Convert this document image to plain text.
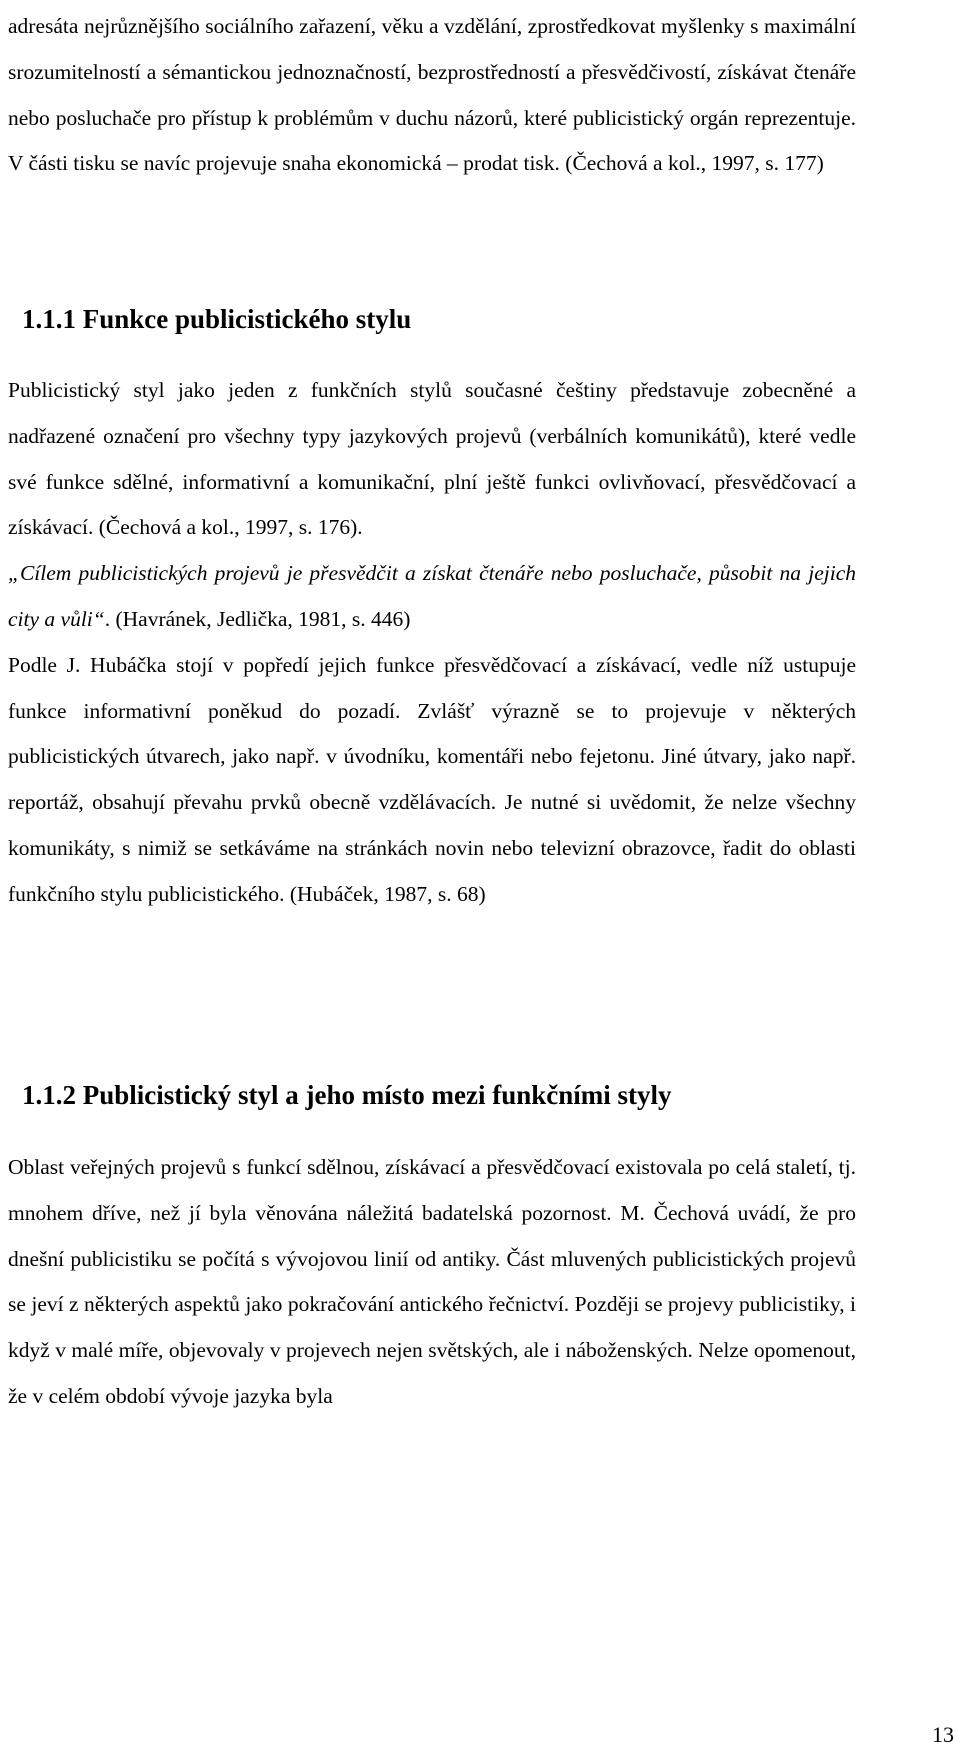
adresáta nejrůznějšího sociálního zařazení, věku a vzdělání, zprostředkovat myšlenky s maximální srozumitelností a sémantickou jednoznačností, bezprostředností a přesvědčivostí, získávat čtenáře nebo posluchače pro přístup k problémům v duchu názorů, které publicistický orgán reprezentuje. V části tisku se navíc projevuje snaha ekonomická – prodat tisk. (Čechová a kol., 1997, s. 177)

1.1.1 Funkce publicistického stylu

Publicistický styl jako jeden z funkčních stylů současné češtiny představuje zobecněné a nadřazené označení pro všechny typy jazykových projevů (verbálních komunikátů), které vedle své funkce sdělné, informativní a komunikační, plní ještě funkci ovlivňovací, přesvědčovací a získávací. (Čechová a kol., 1997, s. 176).

„Cílem publicistických projevů je přesvědčit a získat čtenáře nebo posluchače, působit na jejich city a vůli“. (Havránek, Jedlička, 1981, s. 446)

Podle J. Hubáčka stojí v popředí jejich funkce přesvědčovací a získávací, vedle níž ustupuje funkce informativní poněkud do pozadí. Zvlášť výrazně se to projevuje v některých publicistických útvarech, jako např. v úvodníku, komentáři nebo fejetonu. Jiné útvary, jako např. reportáž, obsahují převahu prvků obecně vzdělávacích. Je nutné si uvědomit, že nelze všechny komunikáty, s nimiž se setkáváme na stránkách novin nebo televizní obrazovce, řadit do oblasti funkčního stylu publicistického. (Hubáček, 1987, s. 68)

1.1.2 Publicistický styl a jeho místo mezi funkčními styly

Oblast veřejných projevů s funkcí sdělnou, získávací a přesvědčovací existovala po celá staletí, tj. mnohem dříve, než jí byla věnována náležitá badatelská pozornost. M. Čechová uvádí, že pro dnešní publicistiku se počítá s vývojovou linií od antiky. Část mluvených publicistických projevů se jeví z některých aspektů jako pokračování antického řečnictví. Později se projevy publicistiky, i když v malé míře, objevovaly v projevech nejen světských, ale i náboženských. Nelze opomenout, že v celém období vývoje jazyka byla

13
